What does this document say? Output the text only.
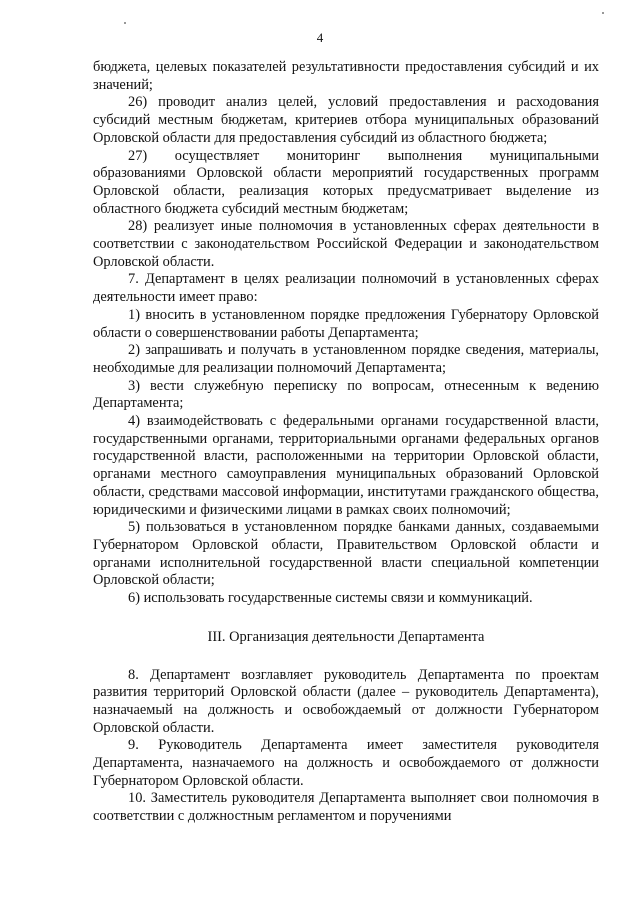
4

бюджета, целевых показателей результативности предоставления субсидий и их значений;

26) проводит анализ целей, условий предоставления и расходования субсидий местным бюджетам, критериев отбора муниципальных образований Орловской области для предоставления субсидий из областного бюджета;

27) осуществляет мониторинг выполнения муниципальными образованиями Орловской области мероприятий государственных программ Орловской области, реализация которых предусматривает выделение из областного бюджета субсидий местным бюджетам;

28) реализует иные полномочия в установленных сферах деятельности в соответствии с законодательством Российской Федерации и законодательством Орловской области.

7. Департамент в целях реализации полномочий в установленных сферах деятельности имеет право:

1) вносить в установленном порядке предложения Губернатору Орловской области о совершенствовании работы Департамента;

2) запрашивать и получать в установленном порядке сведения, материалы, необходимые для реализации полномочий Департамента;

3) вести служебную переписку по вопросам, отнесенным к ведению Департамента;

4) взаимодействовать с федеральными органами государственной власти, государственными органами, территориальными органами федеральных органов государственной власти, расположенными на территории Орловской области, органами местного самоуправления муниципальных образований Орловской области, средствами массовой информации, институтами гражданского общества, юридическими и физическими лицами в рамках своих полномочий;

5) пользоваться в установленном порядке банками данных, создаваемыми Губернатором Орловской области, Правительством Орловской области и органами исполнительной государственной власти специальной компетенции Орловской области;

6) использовать государственные системы связи и коммуникаций.

III. Организация деятельности Департамента

8. Департамент возглавляет руководитель Департамента по проектам развития территорий Орловской области (далее – руководитель Департамента), назначаемый на должность и освобождаемый от должности Губернатором Орловской области.

9. Руководитель Департамента имеет заместителя руководителя Департамента, назначаемого на должность и освобождаемого от должности Губернатором Орловской области.

10. Заместитель руководителя Департамента выполняет свои полномочия в соответствии с должностным регламентом и поручениями
